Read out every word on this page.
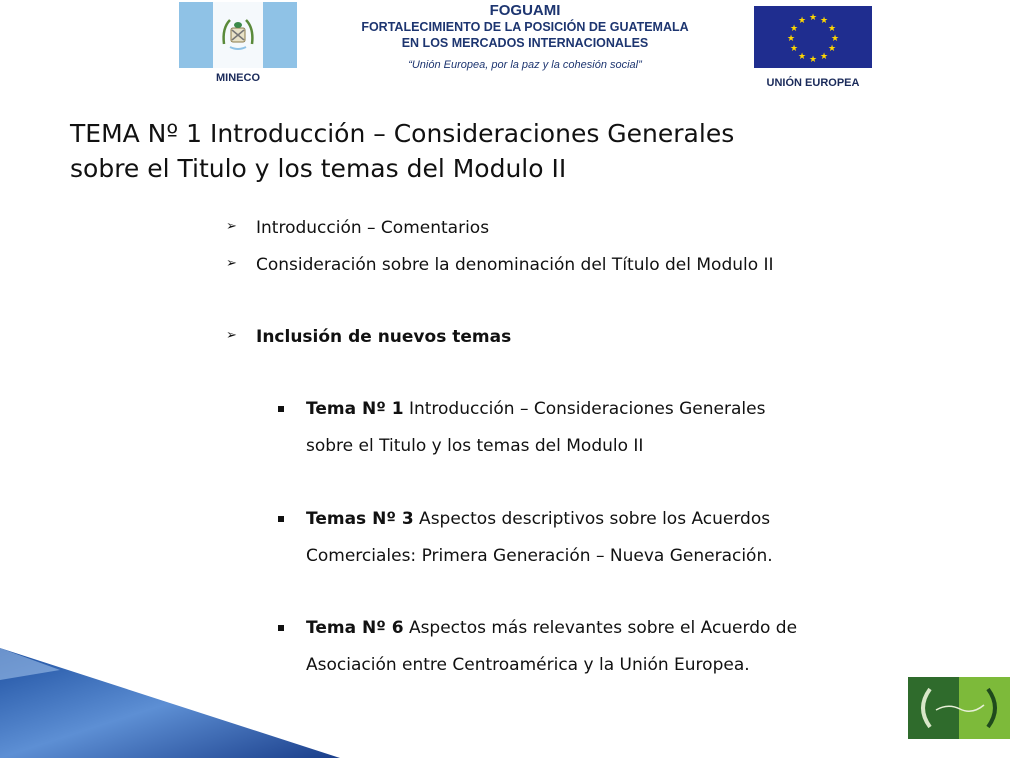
MINECO
FOGUAMI
FORTALECIMIENTO DE LA POSICIÓN DE GUATEMALA
EN LOS MERCADOS INTERNACIONALES
“Unión Europea, por la paz y la cohesión social”
★ ★
★
★
★
★
★
★
★
★
★
★
UNIÓN EUROPEA
TEMA Nº 1 Introducción – Consideraciones Generales
sobre el Titulo y los temas del Modulo II
➢ Introducción – Comentarios
➢ Consideración sobre la denominación del Título del Modulo II
➢ Inclusión de nuevos temas
Tema Nº 1 Introducción – Consideraciones Generales
sobre el Titulo y los temas del Modulo II
Temas Nº 3 Aspectos descriptivos sobre los Acuerdos
Comerciales: Primera Generación – Nueva Generación.
Tema Nº 6 Aspectos más relevantes sobre el Acuerdo de
Asociación entre Centroamérica y la Unión Europea.
